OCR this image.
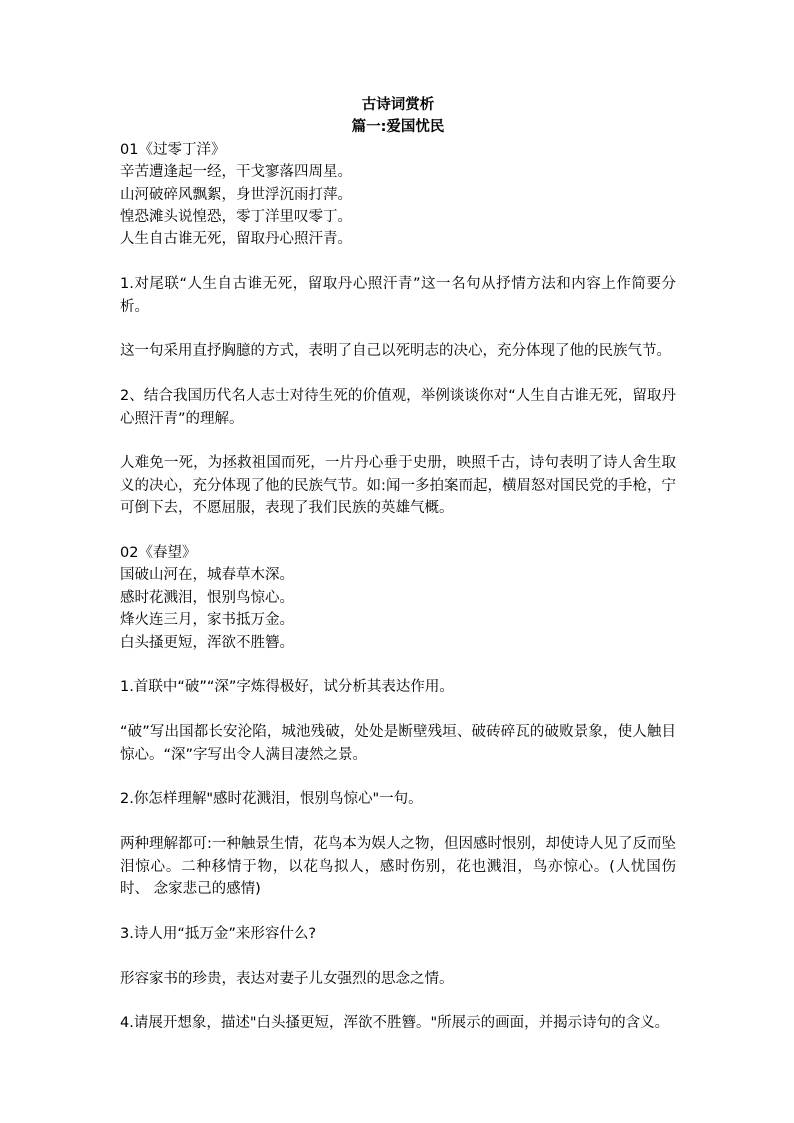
古诗词赏析

篇一:爱国忧民

01《过零丁洋》

辛苦遭逢起一经，干戈寥落四周星。

山河破碎风飘絮，身世浮沉雨打萍。

惶恐滩头说惶恐，零丁洋里叹零丁。

人生自古谁无死，留取丹心照汗青。

1.对尾联“人生自古谁无死，留取丹心照汗青”这一名句从抒情方法和内容上作简要分析。

这一句采用直抒胸臆的方式，表明了自己以死明志的决心，充分体现了他的民族气节。

2、结合我国历代名人志士对待生死的价值观，举例谈谈你对“人生自古谁无死，留取丹心照汗青”的理解。

人难免一死，为拯救祖国而死，一片丹心垂于史册，映照千古，诗句表明了诗人舍生取义的决心，充分体现了他的民族气节。如:闻一多拍案而起，横眉怒对国民党的手枪，宁可倒下去，不愿屈服，表现了我们民族的英雄气概。

02《春望》

国破山河在，城春草木深。

感时花溅泪，恨别鸟惊心。

烽火连三月，家书抵万金。

白头搔更短，浑欲不胜簪。

1.首联中“破”“深”字炼得极好，试分析其表达作用。

“破”写出国都长安沦陷，城池残破，处处是断壁残垣、破砖碎瓦的破败景象，使人触目惊心。“深”字写出令人满目凄然之景。

2.你怎样理解"感时花溅泪，恨别鸟惊心"一句。

两种理解都可:一种触景生情，花鸟本为娱人之物，但因感时恨别，却使诗人见了反而坠泪惊心。二种移情于物，以花鸟拟人，感时伤别，花也溅泪，鸟亦惊心。(人忧国伤时、 念家悲己的感情)

3.诗人用“抵万金”来形容什么?

形容家书的珍贵，表达对妻子儿女强烈的思念之情。

4.请展开想象，描述"白头搔更短，浑欲不胜簪。"所展示的画面，并揭示诗句的含义。
